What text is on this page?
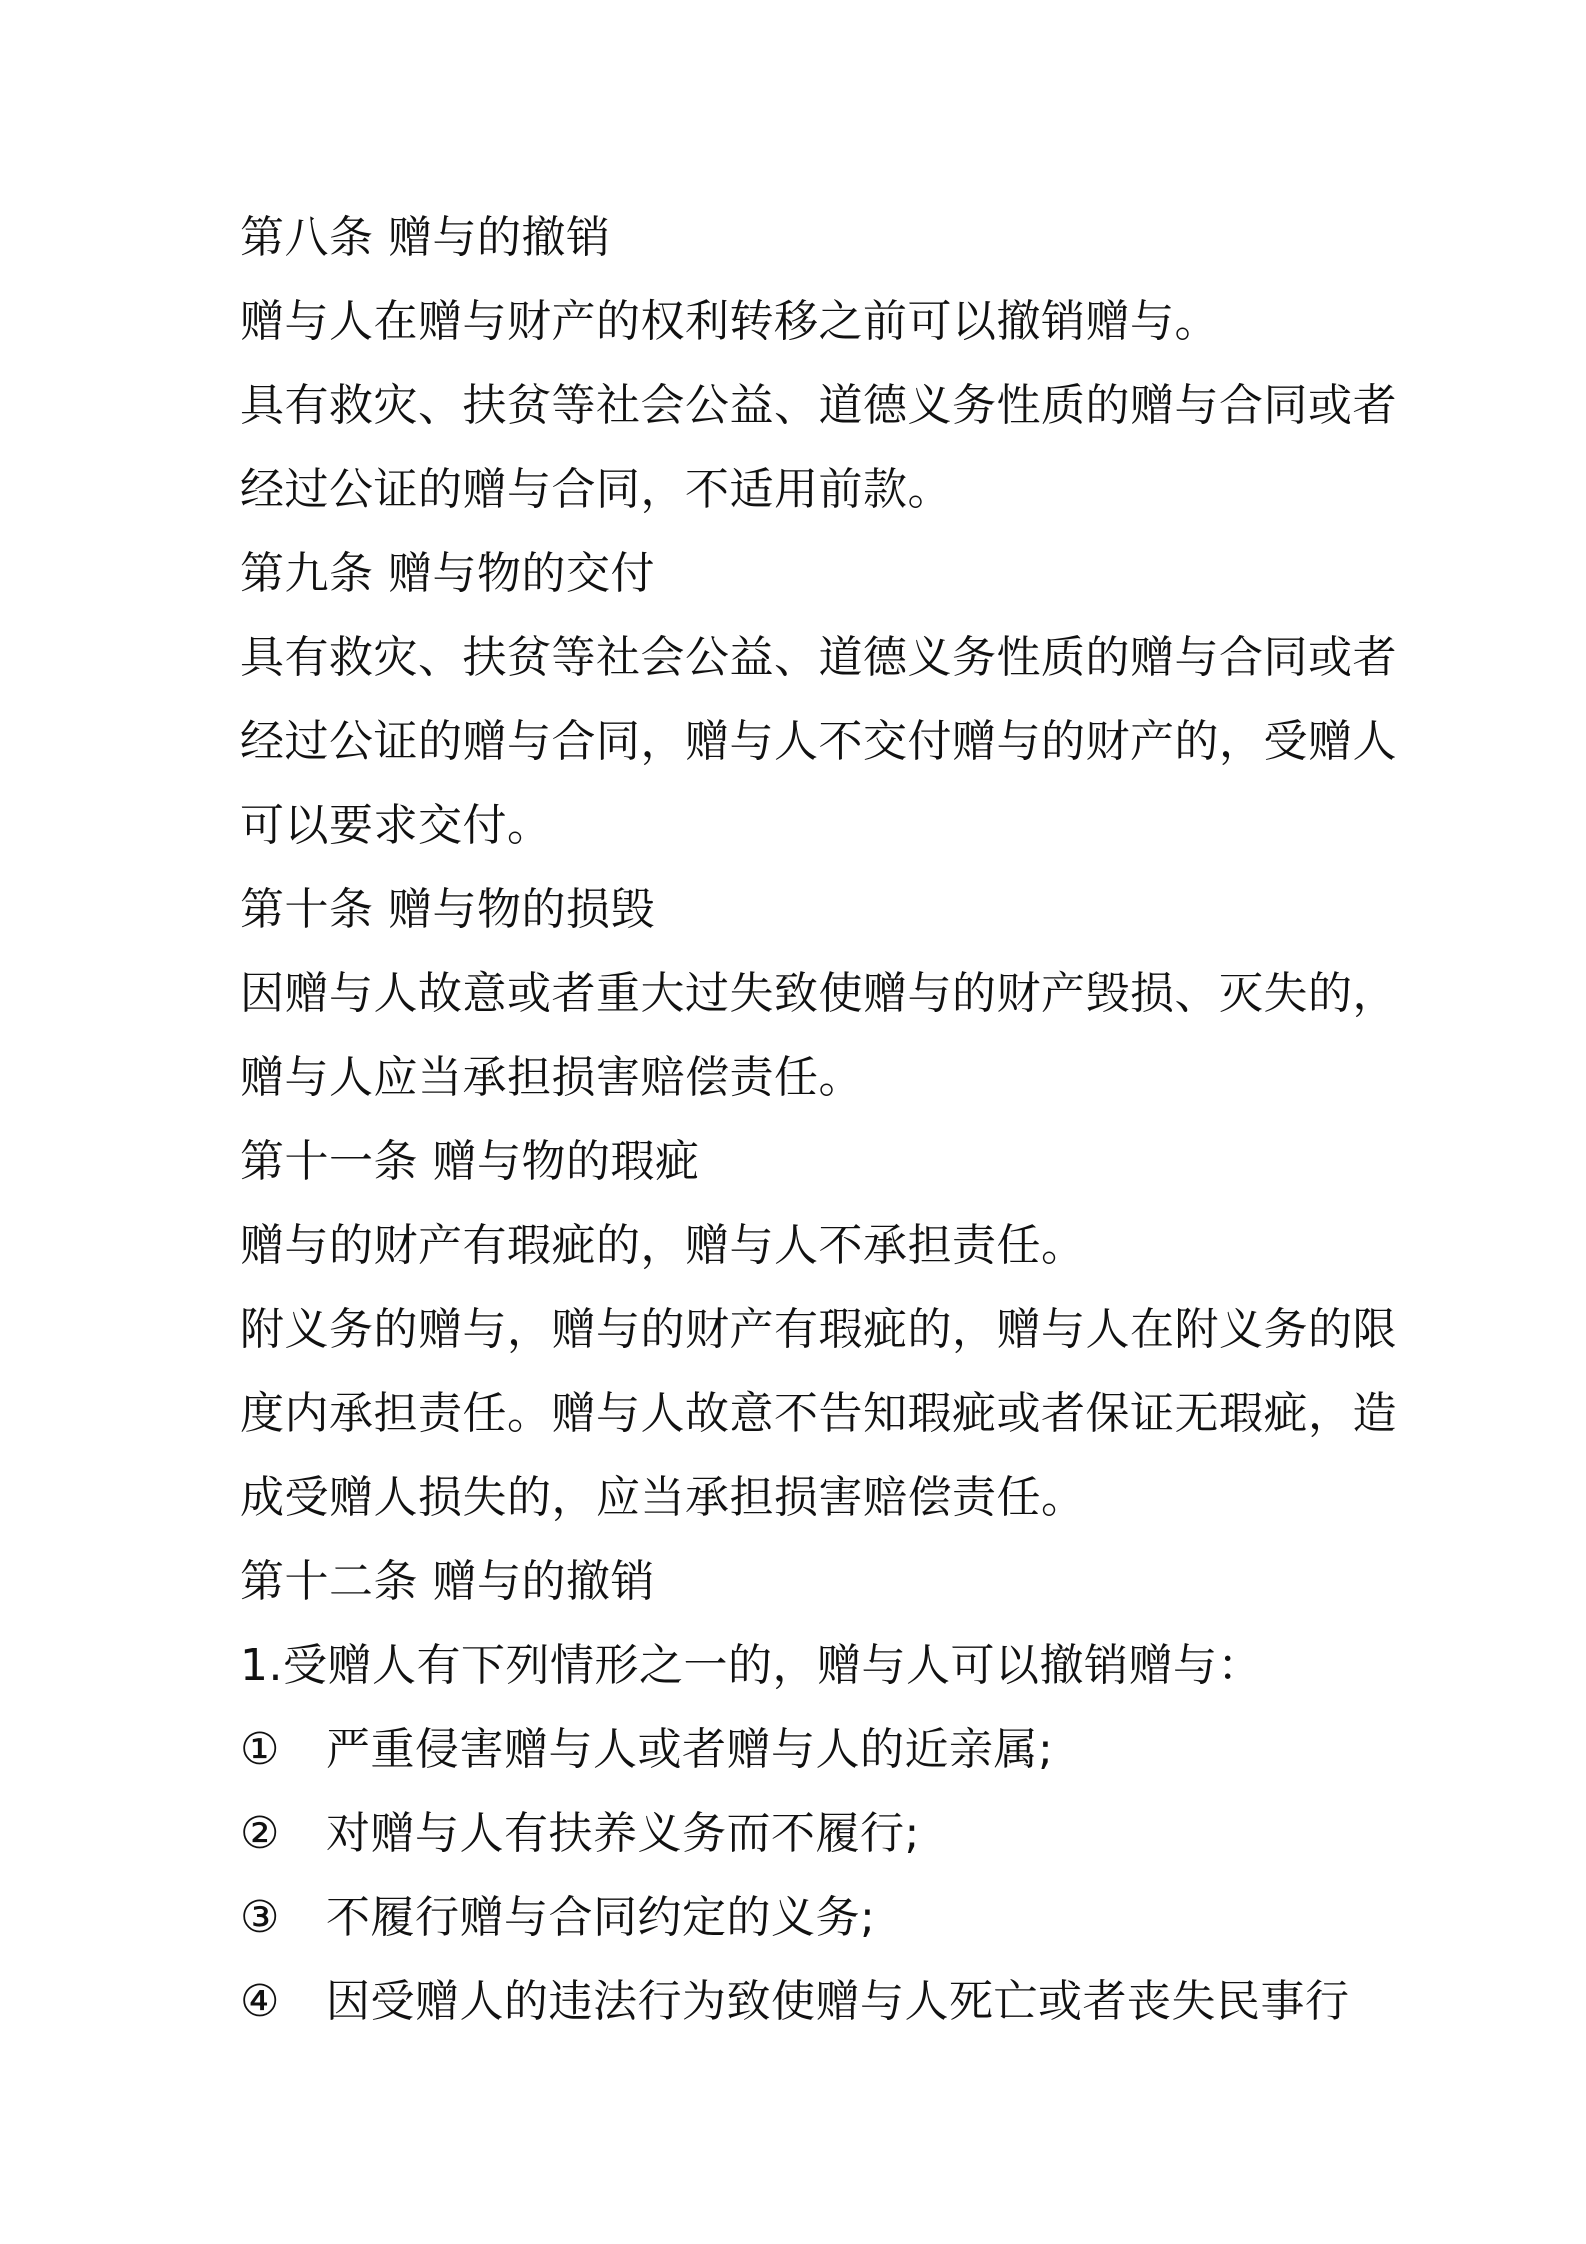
第八条 赠与的撤销
赠与人在赠与财产的权利转移之前可以撤销赠与。
具有救灾、扶贫等社会公益、道德义务性质的赠与合同或者
经过公证的赠与合同，不适用前款。
第九条 赠与物的交付
具有救灾、扶贫等社会公益、道德义务性质的赠与合同或者
经过公证的赠与合同，赠与人不交付赠与的财产的，受赠人
可以要求交付。
第十条 赠与物的损毁
因赠与人故意或者重大过失致使赠与的财产毁损、灭失的，
赠与人应当承担损害赔偿责任。
第十一条 赠与物的瑕疵
赠与的财产有瑕疵的，赠与人不承担责任。
附义务的赠与，赠与的财产有瑕疵的，赠与人在附义务的限
度内承担责任。赠与人故意不告知瑕疵或者保证无瑕疵，造
成受赠人损失的，应当承担损害赔偿责任。
第十二条 赠与的撤销
1.受赠人有下列情形之一的，赠与人可以撤销赠与：
① 严重侵害赠与人或者赠与人的近亲属;
② 对赠与人有扶养义务而不履行;
③ 不履行赠与合同约定的义务;
④ 因受赠人的违法行为致使赠与人死亡或者丧失民事行
